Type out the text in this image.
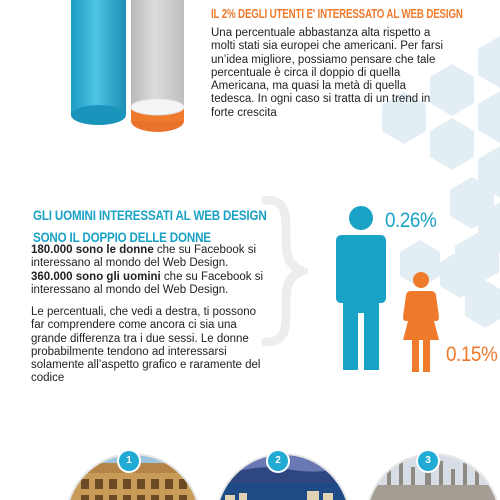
IL 2% DEGLI UTENTI E' INTERESSATO AL WEB DESIGN
Una percentuale abbastanza alta rispetto a molti stati sia europei che americani. Per farsi un’idea migliore, possiamo pensare che tale percentuale è circa il doppio di quella Americana, ma quasi la metà di quella tedesca. In ogni caso si tratta di un trend in forte crescita
GLI UOMINI INTERESSATI AL WEB DESIGN SONO IL DOPPIO DELLE DONNE
180.000 sono le donne che su Facebook si interessano al mondo del Web Design.
360.000 sono gli uomini che su Facebook si interessano al mondo del Web Design.
Le percentuali, che vedi a destra, ti possono far comprendere come ancora ci sia una grande differenza tra i due sessi. Le donne probabilmente tendono ad interessarsi solamente all’aspetto grafico e raramente del codice
0.26%
0.15%
1	2	3
